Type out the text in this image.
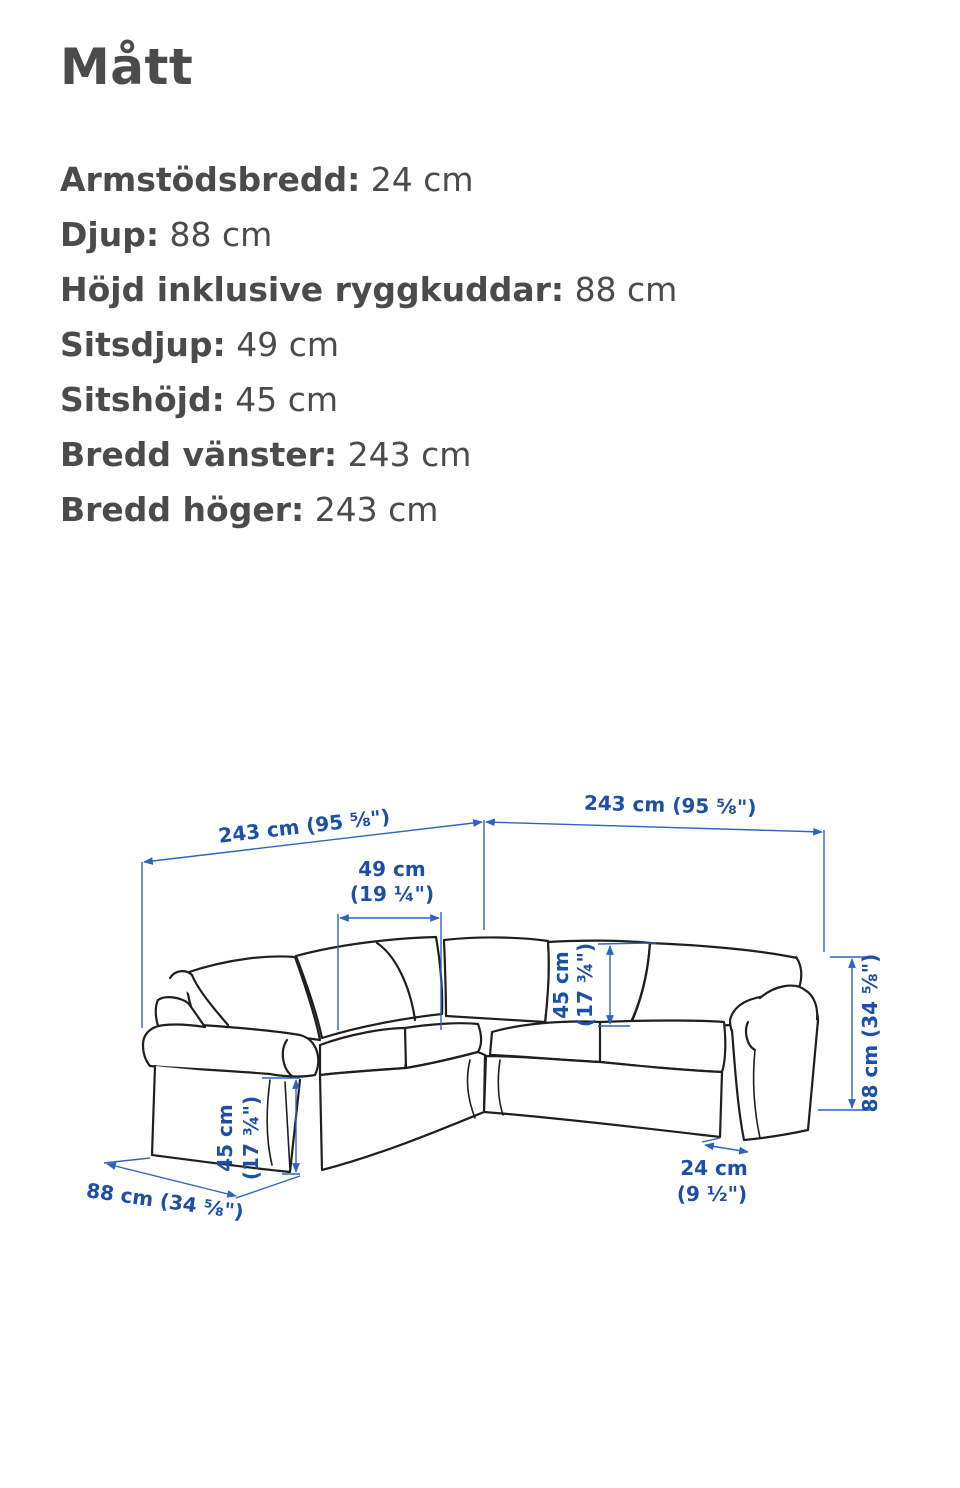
Mått
Armstödsbredd: 24 cm
Djup: 88 cm
Höjd inklusive ryggkuddar: 88 cm
Sitsdjup: 49 cm
Sitshöjd: 45 cm
Bredd vänster: 243 cm
Bredd höger: 243 cm
243 cm (95 ⅝")	243 cm (95 ⅝")
49 cm
(19 ¼")
45 cm (17 ¾")	88 cm (34 ⅝")
45 cm (17 ¾")
88 cm (34 ⅝")
24 cm
(9 ½")
